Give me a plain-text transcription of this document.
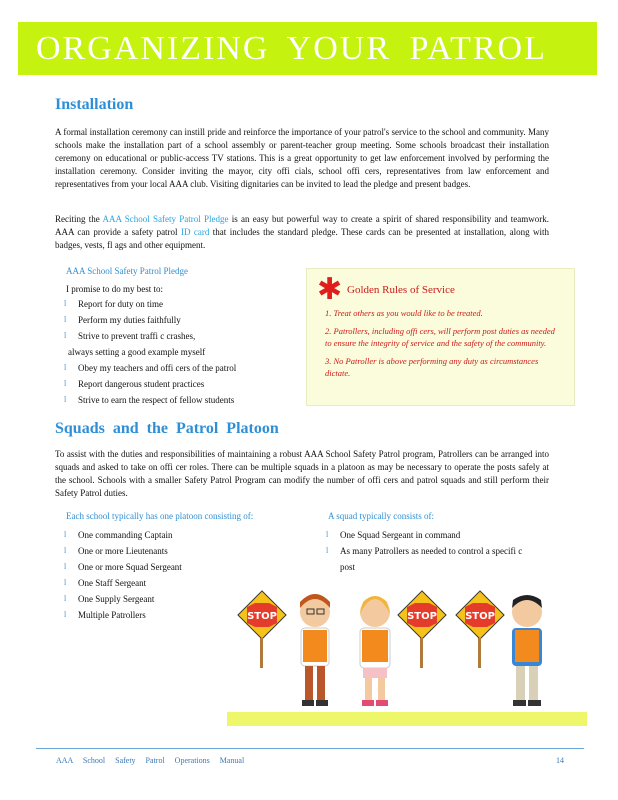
ORGANIZING YOUR PATROL
Installation

A formal installation ceremony can instill pride and reinforce the importance of your patrol's service to the school and community. Many schools make the installation part of a school assembly or parent-teacher group meeting. Some schools broadcast their installation ceremony on educational or public-access TV stations. This is a great opportunity to get law enforcement involved by performing the installation ceremony. Consider inviting the mayor, city offi cials, school offi cers, representatives from law enforcement and representatives from your local AAA club. Visiting dignitaries can be invited to lead the pledge and present badges.

Reciting the AAA School Safety Patrol Pledge is an easy but powerful way to create a spirit of shared responsibility and teamwork. AAA can provide a safety patrol ID card that includes the standard pledge. These cards can be presented at installation, along with badges, vests, fl ags and other equipment.

AAA School Safety Patrol Pledge

I promise to do my best to:

l Report for duty on time
l Perform my duties faithfully
l Strive to prevent traffi c crashes,
always setting a good example myself
l Obey my teachers and offi cers of the patrol
l Report dangerous student practices
l Strive to earn the respect of fellow students
✱ Golden Rules of Service
1. Treat others as you would like to be treated.
2. Patrollers, including offi cers, will perform post duties as needed to ensure the integrity of service and the safety of the community.
3. No Patroller is above performing any duty as circumstances dictate.
Squads and the Patrol Platoon

To assist with the duties and responsibilities of maintaining a robust AAA School Safety Patrol program, Patrollers can be arranged into squads and asked to take on offi cer roles. There can be multiple squads in a platoon as may be necessary to operate the posts safely at the school. Schools with a smaller Safety Patrol Program can modify the number of offi cers and patrol squads and still perform their Safety Patrol duties.

Each school typically has one platoon consisting of:

l One commanding Captain
l One or more Lieutenants
l One or more Squad Sergeant
l One Staff Sergeant
l One Supply Sergeant
l Multiple Patrollers

A squad typically consists of:

l One Squad Sergeant in command
l As many Patrollers as needed to control a specifi c post
STOP	STOP	STOP
AAA School Safety Patrol Operations Manual	14
